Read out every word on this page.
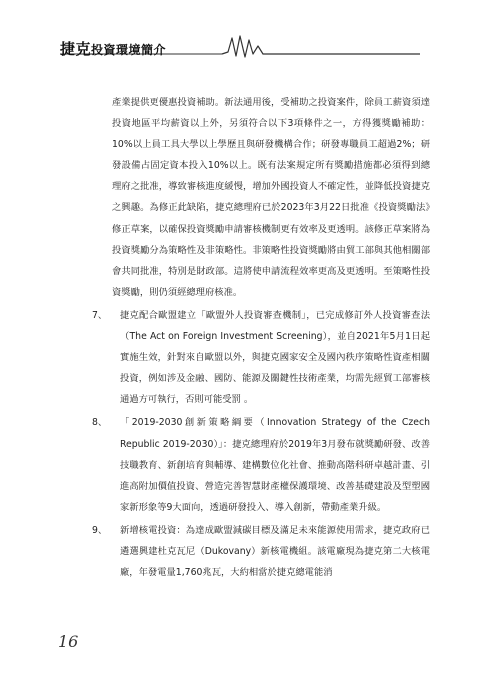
捷克投資環境簡介

產業提供更優惠投資補助。新法通用後，受補助之投資案件，除員工薪資須達投資地區平均薪資以上外，另須符合以下3項條件之一，方得獲獎勵補助：10%以上員工具大學以上學歷且與研發機構合作；研發專職員工超過2%；研發設備占固定資本投入10%以上。既有法案規定所有獎勵措施都必須得到總理府之批准，導致審核進度緩慢，增加外國投資人不確定性，並降低投資捷克之興趣。為修正此缺陷，捷克總理府已於2023年3月22日批准《投資獎勵法》修正草案，以確保投資獎勵申請審核機制更有效率及更透明。該修正草案將為投資獎勵分為策略性及非策略性。非策略性投資獎勵將由貿工部與其他相關部會共同批准，特別是財政部。這將使申請流程效率更高及更透明。至策略性投資獎勵，則仍須經總理府核准。

7、 捷克配合歐盟建立「歐盟外人投資審查機制」，已完成修訂外人投資審查法（The Act on Foreign Investment Screening），並自2021年5月1日起實施生效，針對來自歐盟以外，與捷克國家安全及國內秩序策略性資產相關投資，例如涉及金融、國防、能源及關鍵性技術產業，均需先經貿工部審核通過方可執行，否則可能受罰 。
8、 「2019-2030創新策略綱要（Innovation Strategy of the Czech Republic 2019-2030）」：捷克總理府於2019年3月發布就獎勵研發、改善技職教育、新創培育與輔導、建構數位化社會、推動高階科研卓越計畫、引進高附加價值投資、營造完善智慧財產權保護環境、改善基礎建設及型塑國家新形象等9大面向，透過研發投入、導入創新，帶動產業升級。
9、 新增核電投資：為達成歐盟減碳目標及滿足未來能源使用需求，捷克政府已遴選興建杜克瓦尼（Dukovany）新核電機組。該電廠現為捷克第二大核電廠，年發電量1,760兆瓦，大約相當於捷克總電能消
16
